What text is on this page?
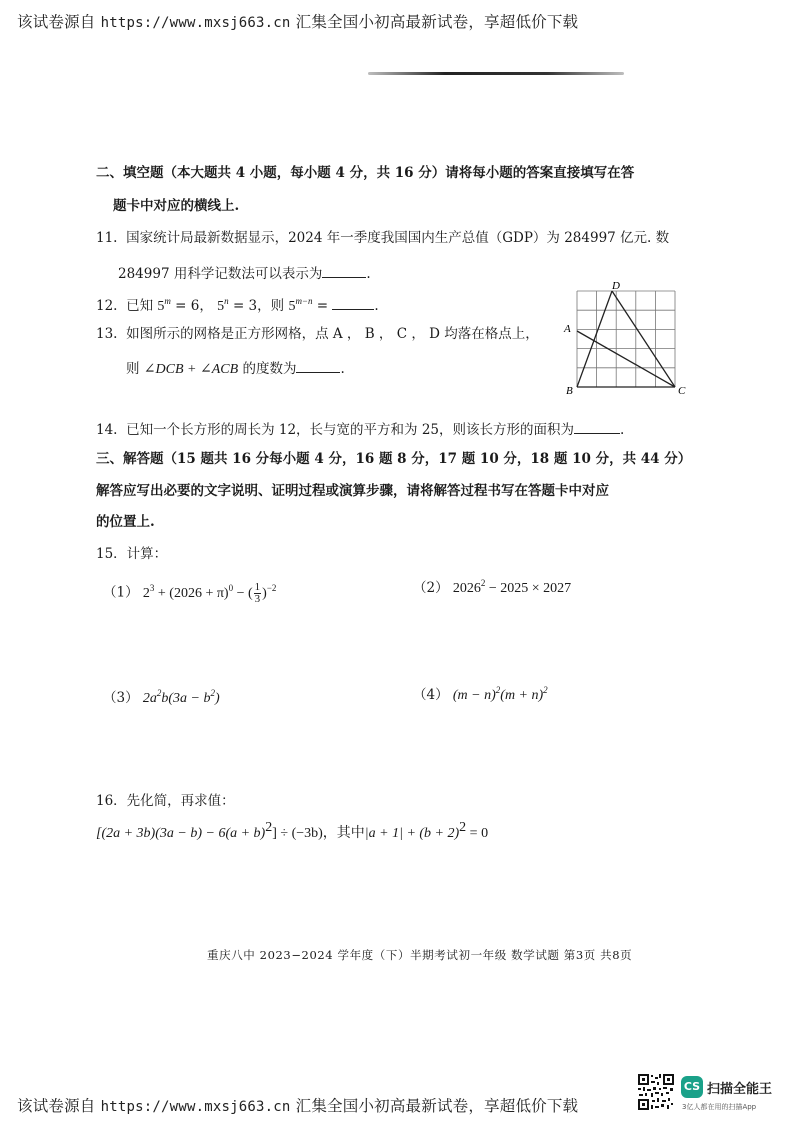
该试卷源自 https://www.mxsj663.cn 汇集全国小初高最新试卷，享超低价下载
二、填空题（本大题共 4 小题，每小题 4 分，共 16 分）请将每小题的答案直接填写在答
题卡中对应的横线上.
11. 国家统计局最新数据显示，2024 年一季度我国国内生产总值（GDP）为 284997 亿元. 数
284997 用科学记数法可以表示为	.
12. 已知 $5^m = 6$， $5^n = 3$，则 $5^{m-n}$ =	.
13. 如图所示的网格是正方形网格，点 A ， B ， C ， D 均落在格点上，
则 ∠DCB + ∠ACB 的度数为	.
A
B	C
D
14. 已知一个长方形的周长为 12，长与宽的平方和为 25，则该长方形的面积为	.
三、解答题（15 题共 16 分每小题 4 分，16 题 8 分，17 题 10 分，18 题 10 分，共 44 分）
解答应写出必要的文字说明、证明过程或演算步骤，请将解答过程书写在答题卡中对应
的位置上.
15．计算：
（1） $2^3 + (2026 + \pi)^0$ − ( $\frac{1}{3} )^{-2}$	（2） $2026^2 - 2025 \times 2027$
（3） $2a^2b(3a - b^2)$	（4） $(m - n)^2(m + n)^2$
16．先化简，再求值：
$[(2a + 3b)(3a - b) - 6(a + b)^2] \div (-3b)$，其中$|a + 1| + (b + 2)^2 = 0$
重庆八中 2023−2024 学年度（下）半期考试初一年级 数学试题 第3页 共8页
CS 扫描全能王
3亿人都在用的扫描App
该试卷源自 https://www.mxsj663.cn 汇集全国小初高最新试卷，享超低价下载
